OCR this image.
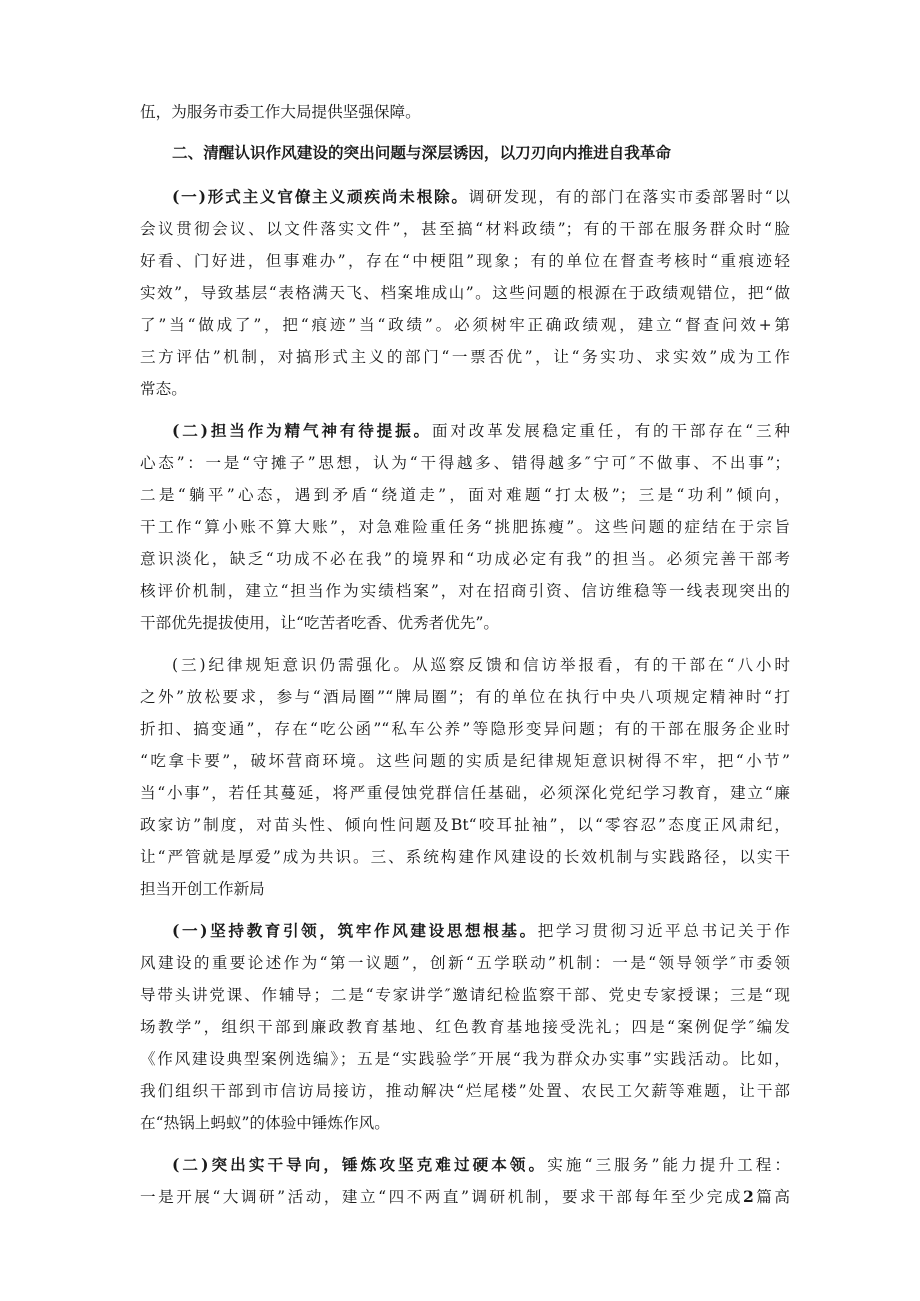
伍，为服务市委工作大局提供坚强保障。
二、清醒认识作风建设的突出问题与深层诱因，以刀刃向内推进自我革命
(一)形式主义官僚主义顽疾尚未根除。调研发现，有的部门在落实市委部署时“以
会议贯彻会议、以文件落实文件”，甚至搞“材料政绩”；有的干部在服务群众时“脸
好看、门好进，但事难办”，存在“中梗阻”现象；有的单位在督查考核时“重痕迹轻
实效”，导致基层“表格满天飞、档案堆成山”。这些问题的根源在于政绩观错位，把“做
了”当“做成了”，把“痕迹”当“政绩”。必须树牢正确政绩观，建立“督查问效+第
三方评估”机制，对搞形式主义的部门“一票否优”，让“务实功、求实效”成为工作
常态。
(二)担当作为精气神有待提振。面对改革发展稳定重任，有的干部存在“三种
心态”：一是“守摊子”思想，认为“干得越多、错得越多″宁可″不做事、不出事”；
二是“躺平”心态，遇到矛盾“绕道走”，面对难题“打太极”；三是“功利”倾向，
干工作“算小账不算大账”，对急难险重任务“挑肥拣瘦”。这些问题的症结在于宗旨
意识淡化，缺乏“功成不必在我”的境界和“功成必定有我”的担当。必须完善干部考
核评价机制，建立“担当作为实绩档案”，对在招商引资、信访维稳等一线表现突出的
干部优先提拔使用，让“吃苦者吃香、优秀者优先”。
(三)纪律规矩意识仍需强化。从巡察反馈和信访举报看，有的干部在“八小时
之外”放松要求，参与“酒局圈”“牌局圈”；有的单位在执行中央八项规定精神时“打
折扣、搞变通”，存在“吃公函”“私车公养”等隐形变异问题；有的干部在服务企业时
“吃拿卡要”，破坏营商环境。这些问题的实质是纪律规矩意识树得不牢，把“小节”
当“小事”，若任其蔓延，将严重侵蚀党群信任基础，必须深化党纪学习教育，建立“廉
政家访”制度，对苗头性、倾向性问题及Bt“咬耳扯袖”，以“零容忍”态度正风肃纪，
让“严管就是厚爱”成为共识。三、系统构建作风建设的长效机制与实践路径，以实干
担当开创工作新局
(一)坚持教育引领，筑牢作风建设思想根基。把学习贯彻习近平总书记关于作
风建设的重要论述作为“第一议题”，创新“五学联动”机制：一是“领导领学″市委领
导带头讲党课、作辅导；二是“专家讲学″邀请纪检监察干部、党史专家授课；三是“现
场教学”，组织干部到廉政教育基地、红色教育基地接受洗礼；四是“案例促学″编发
《作风建设典型案例选编》；五是“实践验学″开展“我为群众办实事”实践活动。比如，
我们组织干部到市信访局接访，推动解决“烂尾楼”处置、农民工欠薪等难题，让干部
在“热锅上蚂蚁”的体验中锤炼作风。
(二)突出实干导向，锤炼攻坚克难过硬本领。实施“三服务”能力提升工程：
一是开展“大调研”活动，建立“四不两直”调研机制，要求干部每年至少完成2篇高
